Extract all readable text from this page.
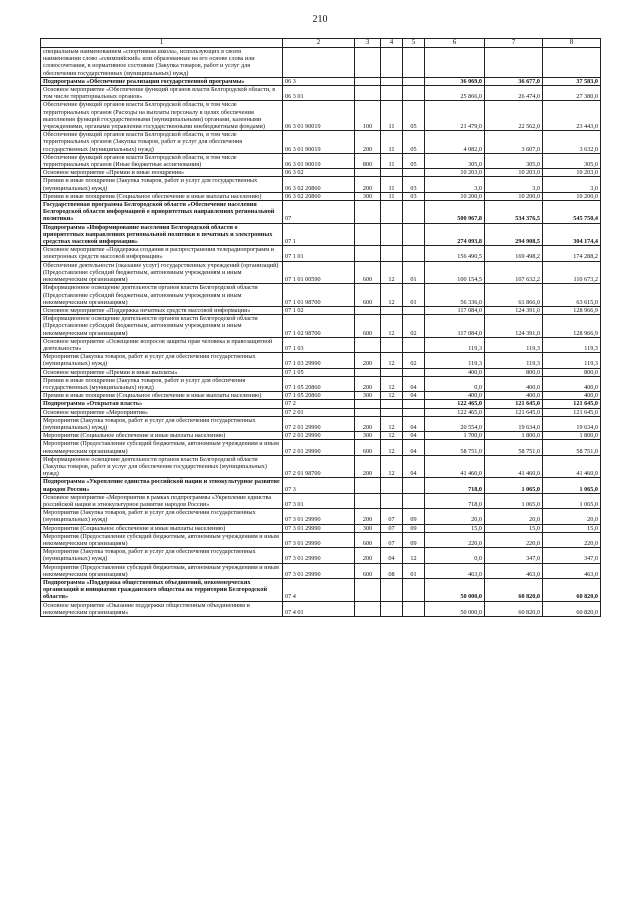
210
1	2	3	4	5	6	7	8
специальным наименованием «спортивная школа», использующих в своем наименовании слово «олимпийский» или образованные на его основе слова или словосочетания, в нормативное состояние (Закупка товаров, работ и услуг для обеспечения государственных (муниципальных) нужд)							
Подпрограмма «Обеспечение реализации государственной программы»	06 3				36 069,0	36 677,0	37 583,0
Основное мероприятие «Обеспечение функций органов власти Белгородской области, в том числе территориальных органов»	06 3 01				25 866,0	26 474,0	27 380,0
Обеспечение функций органов власти Белгородской области, в том числе территориальных органов (Расходы на выплаты персоналу в целях обеспечения выполнения функций государственными (муниципальными) органами, казенными учреждениями, органами управления государственными внебюджетными фондами)	06 3 01 90019	100	11	05	21 479,0	22 562,0	23 443,0
Обеспечение функций органов власти Белгородской области, в том числе территориальных органов (Закупка товаров, работ и услуг для обеспечения государственных (муниципальных) нужд)	06 3 01 90019	200	11	05	4 082,0	3 607,0	3 632,0
Обеспечение функций органов власти Белгородской области, в том числе территориальных органов (Иные бюджетные ассигнования)	06 3 01 90019	800	11	05	305,0	305,0	305,0
Основное мероприятие «Премии и иные поощрения»	06 3 02				10 203,0	10 203,0	10 203,0
Премии и иные поощрения (Закупка товаров, работ и услуг для государственных (муниципальных) нужд)	06 3 02 20860	200	11	03	3,0	3,0	3,0
Премии и иные поощрения (Социальное обеспечение и иные выплаты населению)	06 3 02 20860	300	11	03	10 200,0	10 200,0	10 200,0
Государственная программа Белгородской области «Обеспечение населения Белгородской области информацией о приоритетных направлениях региональной политики»	07				500 967,8	534 376,5	545 750,4
Подпрограмма «Информирование населения Белгородской области о приоритетных направлениях региональной политики в печатных и электронных средствах массовой информации»	07 1				274 093,8	294 908,5	304 174,4
Основное мероприятие «Поддержка создания и распространения телерадиопрограмм и электронных средств массовой информации»	07 1 01				156 490,5	169 498,2	174 288,2
Обеспечение деятельности (оказание услуг) государственных учреждений (организаций) (Предоставление субсидий бюджетным, автономным учреждениям и иным некоммерческим организациям)	07 1 01 00590	600	12	01	100 154,5	107 632,2	110 673,2
Информационное освещение деятельности органов власти Белгородской области (Предоставление субсидий бюджетным, автономным учреждениям и иным некоммерческим организациям)	07 1 01 98700	600	12	01	56 336,0	61 866,0	63 615,0
Основное мероприятие «Поддержка печатных средств массовой информации»	07 1 02				117 084,0	124 391,0	128 966,9
Информационное освещение деятельности органов власти Белгородской области (Предоставление субсидий бюджетным, автономным учреждениям и иным некоммерческим организациям)	07 1 02 98700	600	12	02	117 084,0	124 391,0	128 966,9
Основное мероприятие «Освещение вопросов защиты прав человека и правозащитной деятельности»	07 1 03				119,3	119,3	119,3
Мероприятия (Закупка товаров, работ и услуг для обеспечения государственных (муниципальных) нужд)	07 1 03 29990	200	12	02	119,3	119,3	119,3
Основное мероприятие «Премии и иные выплаты»	07 1 05				400,0	800,0	800,0
Премии и иные поощрения (Закупка товаров, работ и услуг для обеспечения государственных (муниципальных) нужд)	07 1 05 20860	200	12	04	0,0	400,0	400,0
Премии и иные поощрения (Социальное обеспечение и иные выплаты населению)	07 1 05 20860	300	12	04	400,0	400,0	400,0
Подпрограмма «Открытая власть»	07 2				122 465,0	121 645,0	121 645,0
Основное мероприятие «Мероприятия»	07 2 01				122 465,0	121 645,0	121 645,0
Мероприятия (Закупка товаров, работ и услуг для обеспечения государственных (муниципальных) нужд)	07 2 01 29990	200	12	04	20 554,0	19 634,0	19 634,0
Мероприятия (Социальное обеспечение и иные выплаты населению)	07 2 01 29990	300	12	04	1 700,0	1 800,0	1 800,0
Мероприятия (Предоставление субсидий бюджетным, автономным учреждениям и иным некоммерческим организациям)	07 2 01 29990	600	12	04	58 751,0	58 751,0	58 751,0
Информационное освещение деятельности органов власти Белгородской области (Закупка товаров, работ и услуг для обеспечения государственных (муниципальных) нужд)	07 2 01 98700	200	12	04	41 460,0	41 460,0	41 460,0
Подпрограмма «Укрепление единства российской нации и этнокультурное развитие народов России»	07 3				718,0	1 065,0	1 065,0
Основное мероприятие «Мероприятия в рамках подпрограммы «Укрепление единства российской нации и этнокультурное развитие народов России»	07 3 01				718,0	1 065,0	1 065,0
Мероприятия (Закупка товаров, работ и услуг для обеспечения государственных (муниципальных) нужд)	07 3 01 29990	200	07	09	20,0	20,0	20,0
Мероприятия (Социальное обеспечение и иные выплаты населению)	07 3 01 29990	300	07	09	15,0	15,0	15,0
Мероприятия (Предоставление субсидий бюджетным, автономным учреждениям и иным некоммерческим организациям)	07 3 01 29990	600	07	09	220,0	220,0	220,0
Мероприятия (Закупка товаров, работ и услуг для обеспечения государственных (муниципальных) нужд)	07 3 01 29990	200	04	12	0,0	347,0	347,0
Мероприятия (Предоставление субсидий бюджетным, автономным учреждениям и иным некоммерческим организациям)	07 3 01 29990	600	08	01	463,0	463,0	463,0
Подпрограмма «Поддержка общественных объединений, некоммерческих организаций и инициатив гражданского общества на территории Белгородской области»	07 4				50 000,0	60 820,0	60 820,0
Основное мероприятие «Оказание поддержки общественным объединениям и некоммерческим организациям»	07 4 01				50 000,0	60 820,0	60 820,0
